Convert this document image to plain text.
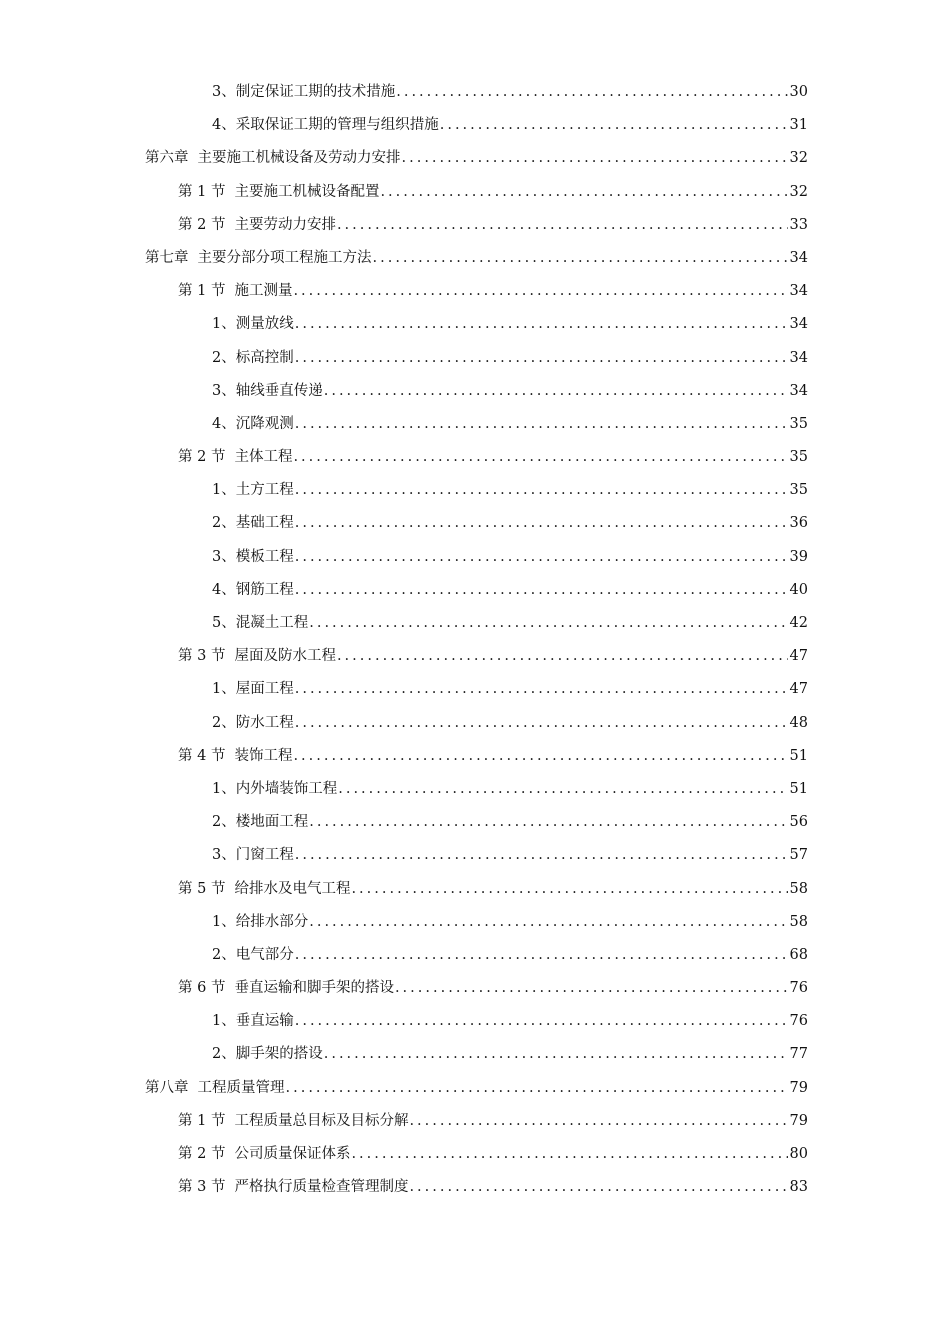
3、 制定保证工期的技术措施 .....	30
4、 采取保证工期的管理与组织措施 .....	31
第六章 主要施工机械设备及劳动力安排 .....	32
第 1 节 主要施工机械设备配置 .....	32
第 2 节 主要劳动力安排 .....	33
第七章 主要分部分项工程施工方法 .....	34
第 1 节 施工测量 .....	34
1、 测量放线 .....	34
2、 标高控制 .....	34
3、 轴线垂直传递 .....	34
4、 沉降观测 .....	35
第 2 节 主体工程 .....	35
1、 土方工程 .....	35
2、 基础工程 .....	36
3、 模板工程 .....	39
4、 钢筋工程 .....	40
5、 混凝土工程 .....	42
第 3 节 屋面及防水工程 .....	47
1、 屋面工程 .....	47
2、 防水工程 .....	48
第 4 节 装饰工程 .....	51
1、 内外墙装饰工程 .....	51
2、 楼地面工程 .....	56
3、 门窗工程 .....	57
第 5 节 给排水及电气工程 .....	58
1、 给排水部分 .....	58
2、 电气部分 .....	68
第 6 节 垂直运输和脚手架的搭设 .....	76
1、 垂直运输 .....	76
2、 脚手架的搭设 .....	77
第八章 工程质量管理 .....	79
第 1 节 工程质量总目标及目标分解 .....	79
第 2 节 公司质量保证体系 .....	80
第 3 节 严格执行质量检查管理制度 .....	83
